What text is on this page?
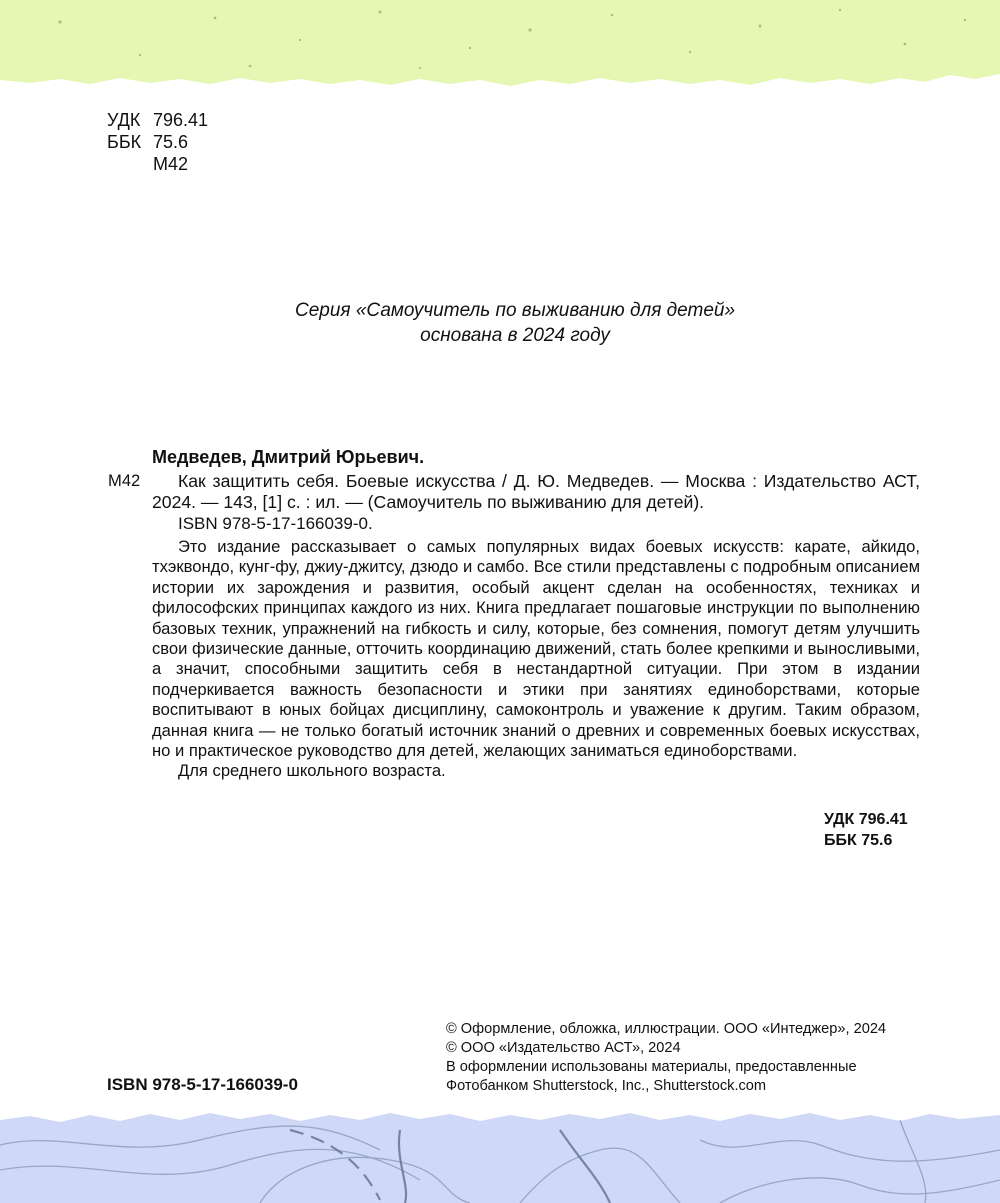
УДК 796.41
ББК 75.6
М42
Серия «Самоучитель по выживанию для детей»
основана в 2024 году
Медведев, Дмитрий Юрьевич.
М42	Как защитить себя. Боевые искусства / Д. Ю. Медведев. — Москва : Издательство АСТ, 2024. — 143, [1] с. : ил. — (Самоучитель по выживанию для детей).
ISBN 978-5-17-166039-0.

Это издание рассказывает о самых популярных видах боевых искусств: карате, айкидо, тхэквондо, кунг-фу, джиу-джитсу, дзюдо и самбо. Все стили представлены с подробным описанием истории их зарождения и развития, особый акцент сделан на особенностях, техниках и философских принципах каждого из них. Книга предлагает пошаговые инструкции по выполнению базовых техник, упражнений на гибкость и силу, которые, без сомнения, помогут детям улучшить свои физические данные, отточить координацию движений, стать более крепкими и выносливыми, а значит, способными защитить себя в нестандартной ситуации. При этом в издании подчеркивается важность безопасности и этики при занятиях единоборствами, которые воспитывают в юных бойцах дисциплину, самоконтроль и уважение к другим. Таким образом, данная книга — не только богатый источник знаний о древних и современных боевых искусствах, но и практическое руководство для детей, желающих заниматься единоборствами.

Для среднего школьного возраста.
УДК 796.41
ББК 75.6
ISBN 978-5-17-166039-0
© Оформление, обложка, иллюстрации. ООО «Интеджер», 2024
© ООО «Издательство АСТ», 2024
В оформлении использованы материалы, предоставленные
Фотобанком Shutterstock, Inc., Shutterstock.com
